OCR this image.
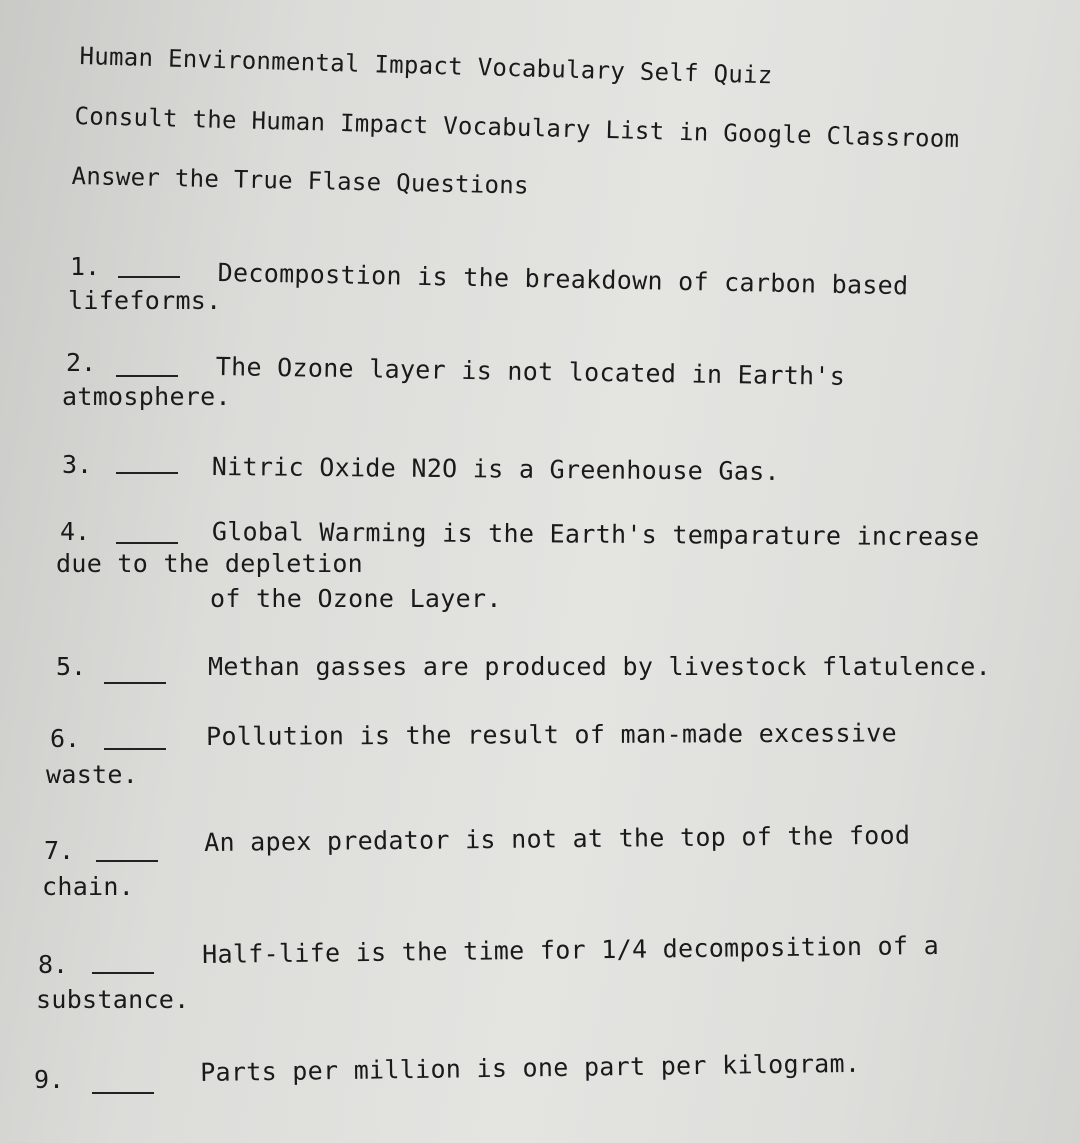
Human Environmental Impact Vocabulary Self Quiz
Consult the Human Impact Vocabulary List in Google Classroom
Answer the True Flase Questions
1.	Decompostion is the breakdown of carbon based
lifeforms.
2.	The Ozone layer is not located in Earth's
atmosphere.
3.	Nitric Oxide N2O is a Greenhouse Gas.
4.	Global Warming is the Earth's temparature increase
due to the depletion
of the Ozone Layer.
5.	Methan gasses are produced by livestock flatulence.
6.	Pollution is the result of man-made excessive
waste.
7.	An apex predator is not at the top of the food
chain.
8.	Half-life is the time for 1/4 decomposition of a
substance.
9.	Parts per million is one part per kilogram.
